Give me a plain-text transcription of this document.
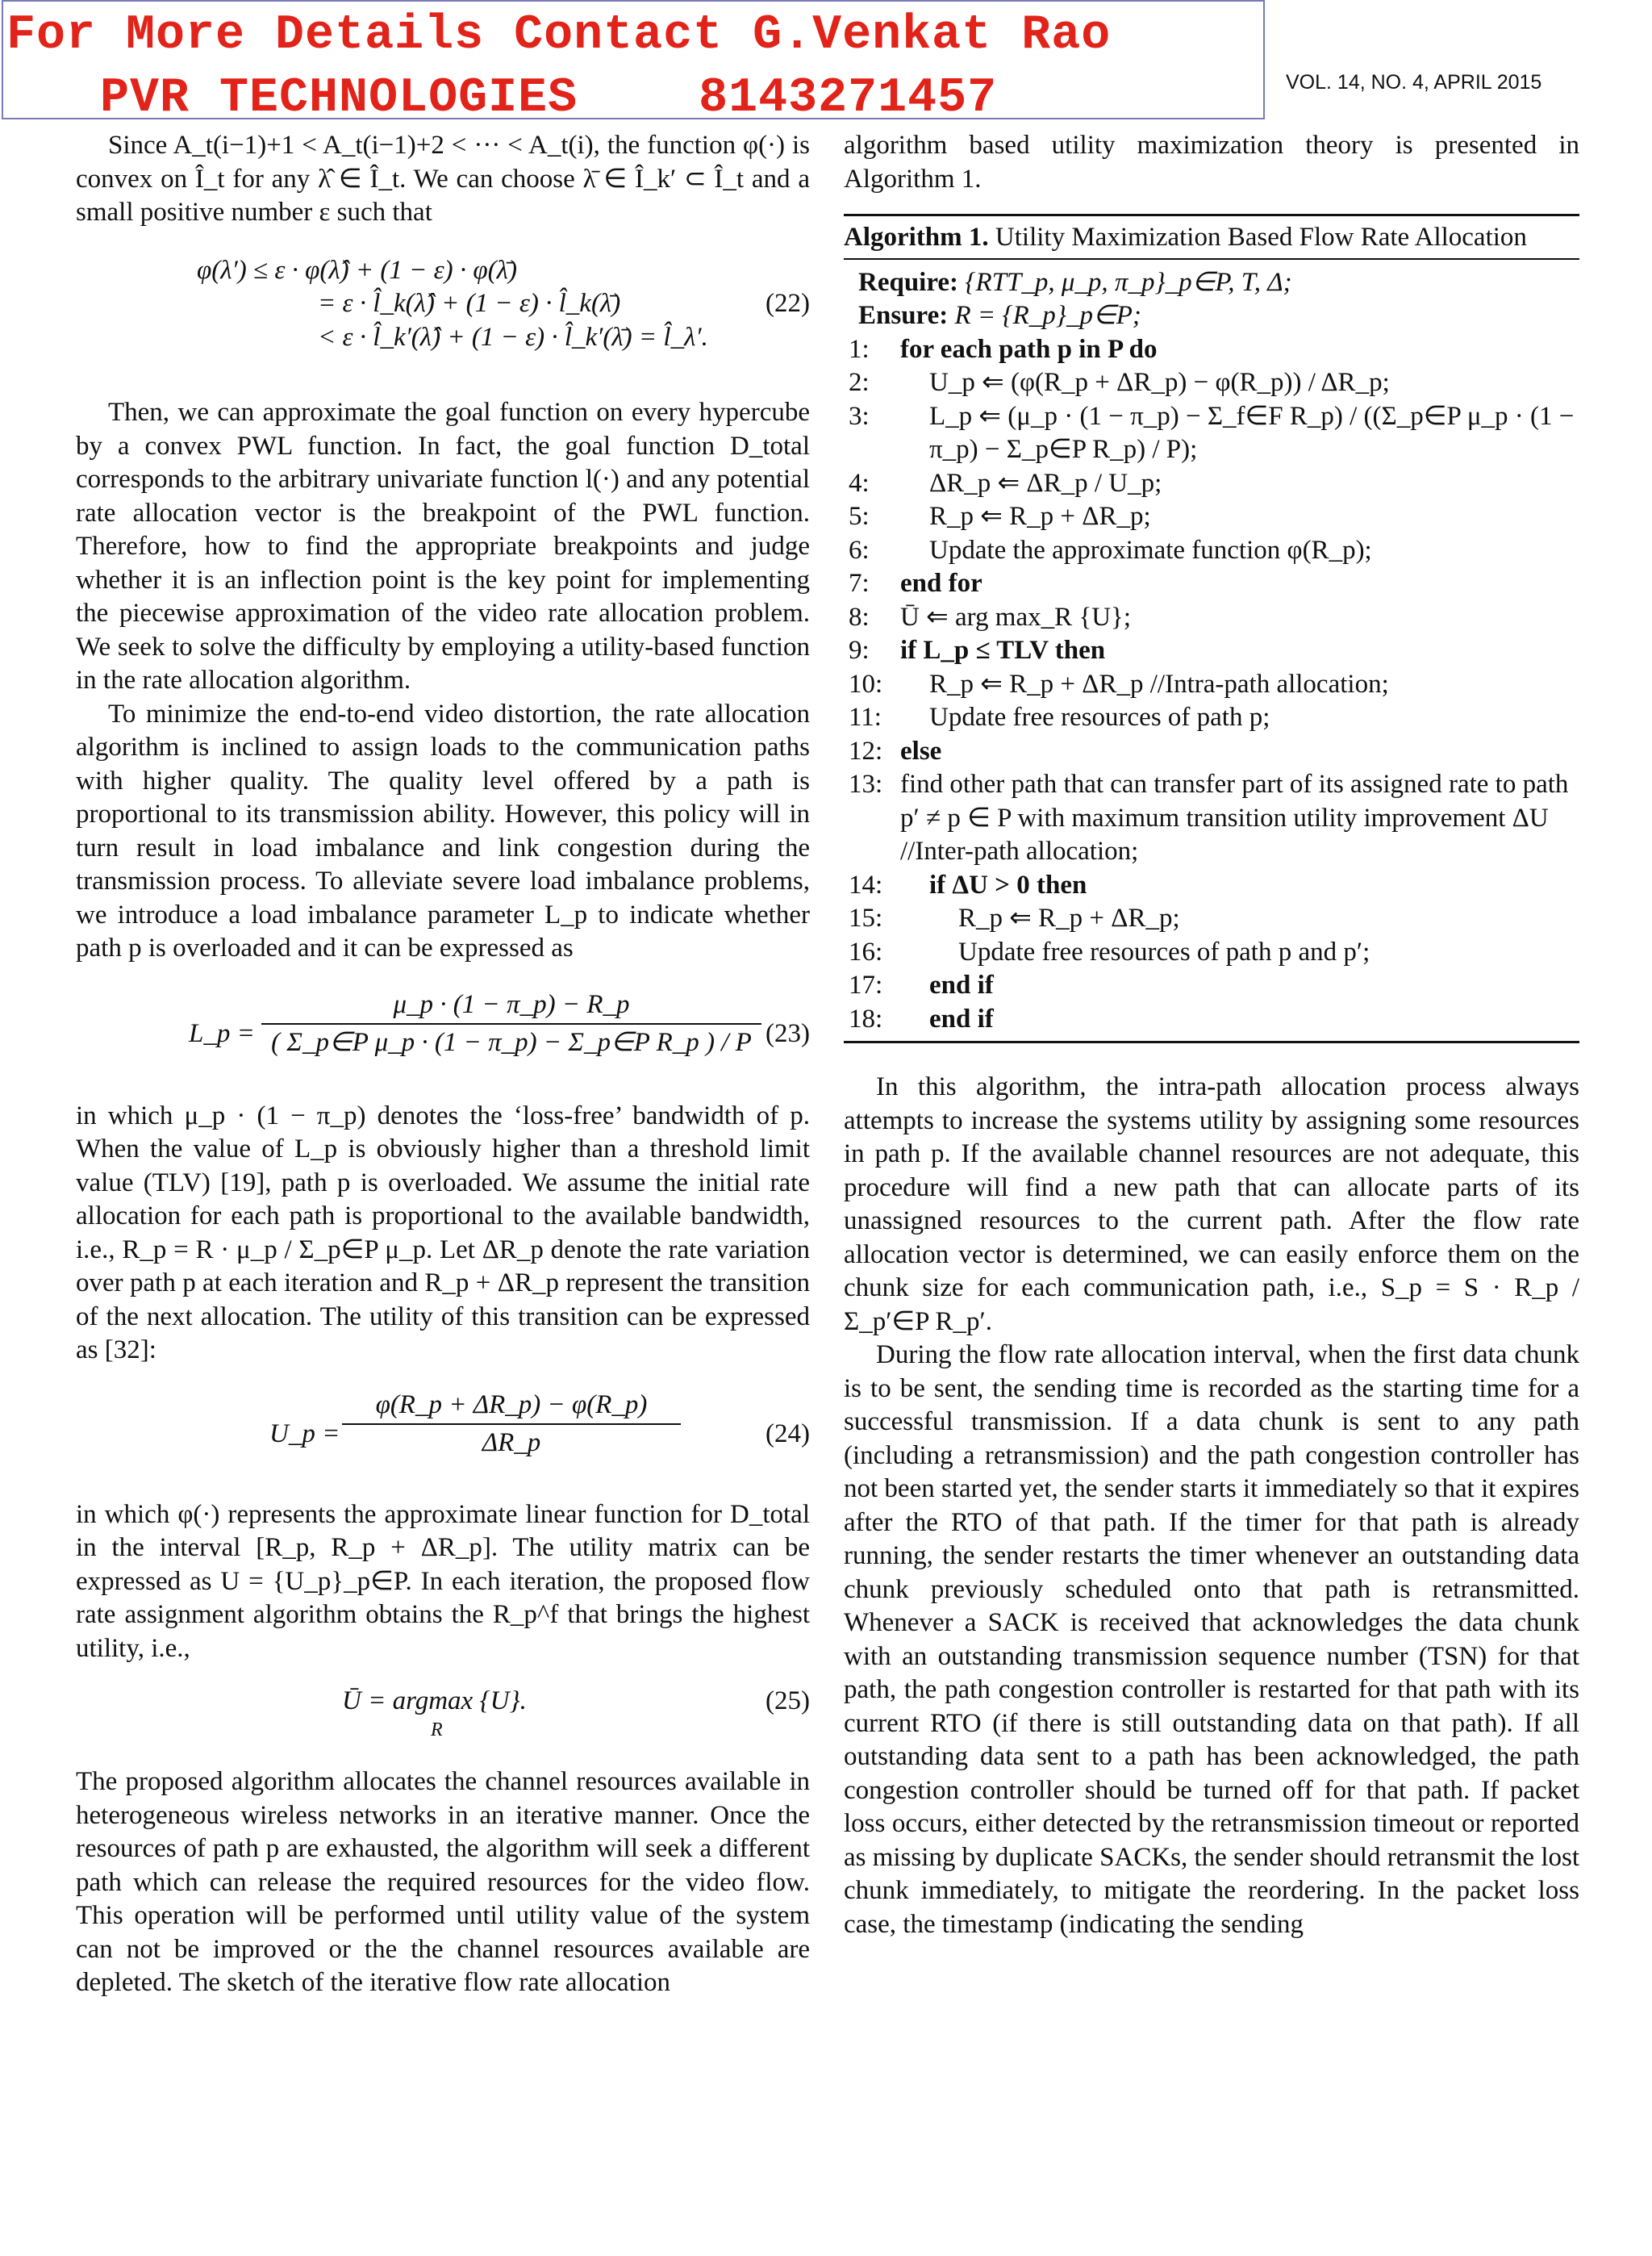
For More Details Contact G.Venkat Rao
PVR TECHNOLOGIES	8143271457	VOL. 14, NO. 4, APRIL 2015

Since A_t(i−1)+1 < A_t(i−1)+2 < ··· < A_t(i), the function φ(·) is convex on Î_t for any λ̂ ∈ Î_t. We can choose λ̄ ∈ Î_k′ ⊂ Î_t and a small positive number ε such that

φ(λ′) ≤ ε · φ(λ̂) + (1 − ε) · φ(λ̄)
= ε · l̂_k(λ̂) + (1 − ε) · l̂_k(λ̄)
< ε · l̂_k′(λ̂) + (1 − ε) · l̂_k′(λ̄) = l̂_λ′.
(22)

Then, we can approximate the goal function on every hypercube by a convex PWL function. In fact, the goal function D_total corresponds to the arbitrary univariate function l(·) and any potential rate allocation vector is the breakpoint of the PWL function. Therefore, how to find the appropriate breakpoints and judge whether it is an inflection point is the key point for implementing the piecewise approximation of the video rate allocation problem. We seek to solve the difficulty by employing a utility-based function in the rate allocation algorithm.

To minimize the end-to-end video distortion, the rate allocation algorithm is inclined to assign loads to the communication paths with higher quality. The quality level offered by a path is proportional to its transmission ability. However, this policy will in turn result in load imbalance and link congestion during the transmission process. To alleviate severe load imbalance problems, we introduce a load imbalance parameter L_p to indicate whether path p is overloaded and it can be expressed as

L_p =
μ_p · (1 − π_p) − R_p
( Σ_p∈P μ_p · (1 − π_p) − Σ_p∈P R_p ) / P (23)

in which μ_p · (1 − π_p) denotes the ‘loss-free’ bandwidth of p. When the value of L_p is obviously higher than a threshold limit value (TLV) [19], path p is overloaded. We assume the initial rate allocation for each path is proportional to the available bandwidth, i.e., R_p = R · μ_p / Σ_p∈P μ_p. Let ΔR_p denote the rate variation over path p at each iteration and R_p + ΔR_p represent the transition of the next allocation. The utility of this transition can be expressed as [32]:

U_p =
φ(R_p + ΔR_p) − φ(R_p)
ΔR_p	(24)

in which φ(·) represents the approximate linear function for D_total in the interval [R_p, R_p + ΔR_p]. The utility matrix can be expressed as U = {U_p}_p∈P. In each iteration, the proposed flow rate assignment algorithm obtains the R_p^f that brings the highest utility, i.e.,

Ū = argmax {U}.
R
(25)

The proposed algorithm allocates the channel resources available in heterogeneous wireless networks in an iterative manner. Once the resources of path p are exhausted, the algorithm will seek a different path which can release the required resources for the video flow. This operation will be performed until utility value of the system can not be improved or the the channel resources available are depleted. The sketch of the iterative flow rate allocation

algorithm based utility maximization theory is presented in Algorithm 1.

Algorithm 1. Utility Maximization Based Flow Rate Allocation
Require: {RTT_p, μ_p, π_p}_p∈P, T, Δ;
Ensure: R = {R_p}_p∈P;
1:	for each path p in P do
2:	U_p ⇐ (φ(R_p + ΔR_p) − φ(R_p)) / ΔR_p;
3:	L_p ⇐ (μ_p · (1 − π_p) − Σ_f∈F R_p) / ((Σ_p∈P μ_p · (1 − π_p) − Σ_p∈P R_p) / P);
4:	ΔR_p ⇐ ΔR_p / U_p;
5:	R_p ⇐ R_p + ΔR_p;
6:	Update the approximate function φ(R_p);
7:	end for
8:	Ū ⇐ arg max_R {U};
9:	if L_p ≤ TLV then
10:	R_p ⇐ R_p + ΔR_p //Intra-path allocation;
11:	Update free resources of path p;
12: else
13: find other path that can transfer part of its assigned rate to path p′ ≠ p ∈ P with maximum transition utility improvement ΔU //Inter-path allocation;
14:	if ΔU > 0 then
15:	R_p ⇐ R_p + ΔR_p;
16:	Update free resources of path p and p′;
17:	end if
18:	end if

In this algorithm, the intra-path allocation process always attempts to increase the systems utility by assigning some resources in path p. If the available channel resources are not adequate, this procedure will find a new path that can allocate parts of its unassigned resources to the current path. After the flow rate allocation vector is determined, we can easily enforce them on the chunk size for each communication path, i.e., S_p = S · R_p / Σ_p′∈P R_p′.

During the flow rate allocation interval, when the first data chunk is to be sent, the sending time is recorded as the starting time for a successful transmission. If a data chunk is sent to any path (including a retransmission) and the path congestion controller has not been started yet, the sender starts it immediately so that it expires after the RTO of that path. If the timer for that path is already running, the sender restarts the timer whenever an outstanding data chunk previously scheduled onto that path is retransmitted. Whenever a SACK is received that acknowledges the data chunk with an outstanding transmission sequence number (TSN) for that path, the path congestion controller is restarted for that path with its current RTO (if there is still outstanding data on that path). If all outstanding data sent to a path has been acknowledged, the path congestion controller should be turned off for that path. If packet loss occurs, either detected by the retransmission timeout or reported as missing by duplicate SACKs, the sender should retransmit the lost chunk immediately, to mitigate the reordering. In the packet loss case, the timestamp (indicating the sending
